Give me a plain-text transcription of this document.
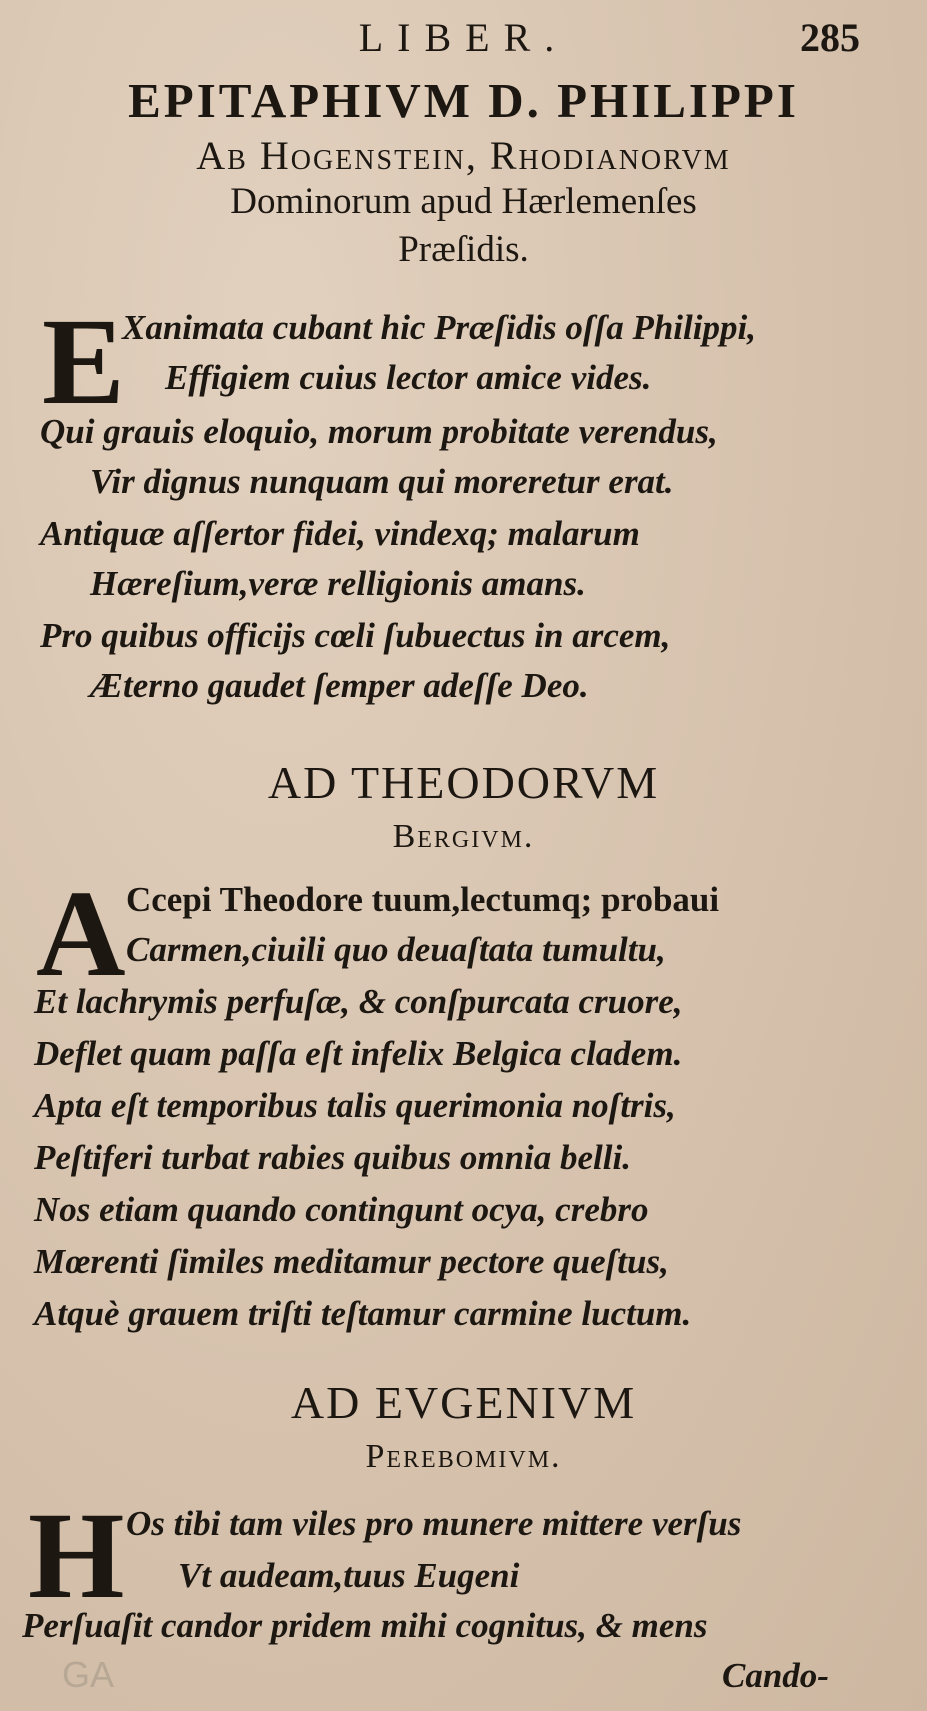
LIBER.	285
EPITAPHIVM D. PHILIPPI
Ab Hogenstein, Rhodianorvm
Dominorum apud Hærlemenſes
Præſidis.
E
Xanimata cubant hic Præſidis oſſa Philippi,
Effigiem cuius lector amice vides.
Qui grauis eloquio, morum probitate verendus,
Vir dignus nunquam qui moreretur erat.
Antiquæ aſſertor fidei, vindexq; malarum
Hæreſium,veræ relligionis amans.
Pro quibus officijs cœli ſubuectus in arcem,
Æterno gaudet ſemper adeſſe Deo.
AD THEODORVM
Bergivm.
A Ccepi Theodore tuum,lectumq; probaui
Carmen,ciuili quo deuaſtata tumultu,
Et lachrymis perfuſæ, & conſpurcata cruore,
Deflet quam paſſa eſt infelix Belgica cladem.
Apta eſt temporibus talis querimonia noſtris,
Peſtiferi turbat rabies quibus omnia belli.
Nos etiam quando contingunt ocya, crebro
Mœrenti ſimiles meditamur pectore queſtus,
Atquè grauem triſti teſtamur carmine luctum.
AD EVGENIVM
Perebomivm.
H Os tibi tam viles pro munere mittere verſus
Vt audeam,tuus Eugeni
Perſuaſit candor pridem mihi cognitus, & mens
Cando-
GA
